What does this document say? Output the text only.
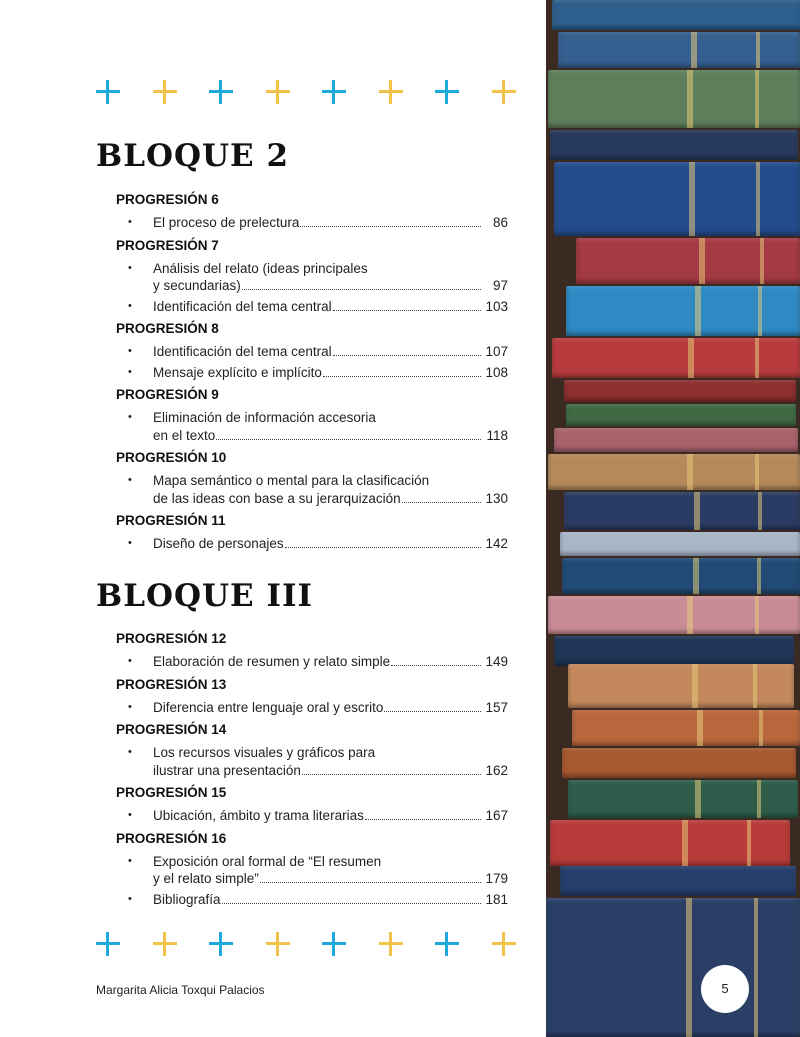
BLOQUE 2
PROGRESIÓN 6
• El proceso de prelectura	86
PROGRESIÓN 7
• Análisis del relato (ideas principales
y secundarias)	97
• Identificación del tema central	103
PROGRESIÓN 8
• Identificación del tema central	107
• Mensaje explícito e implícito	108
PROGRESIÓN 9
• Eliminación de información accesoria
en el texto	118
PROGRESIÓN 10
• Mapa semántico o mental para la clasificación
de las ideas con base a su jerarquización	130
PROGRESIÓN 11
• Diseño de personajes	142
BLOQUE III
PROGRESIÓN 12
• Elaboración de resumen y relato simple	149
PROGRESIÓN 13
• Diferencia entre lenguaje oral y escrito	157
PROGRESIÓN 14
• Los recursos visuales y gráficos para
ilustrar una presentación	162
PROGRESIÓN 15
• Ubicación, ámbito y trama literarias	167
PROGRESIÓN 16
• Exposición oral formal de “El resumen
y el relato simple”	179
• Bibliografía	181
Margarita Alicia Toxqui Palacios	5
